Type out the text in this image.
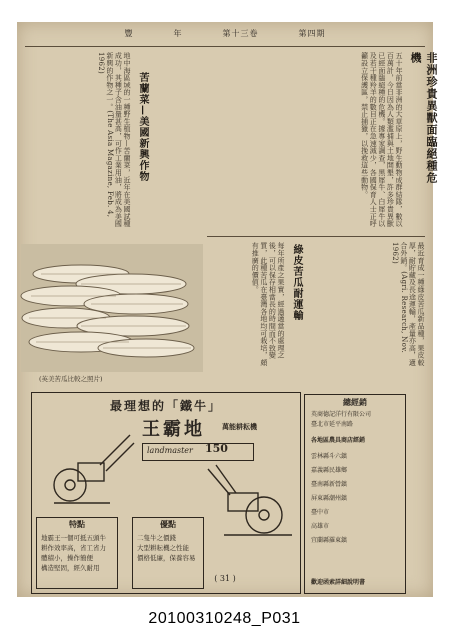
豐	年	第十三卷	第四期
非洲珍貴異獸面臨絕種危機
五十年前當非洲的大草原上，野生動物成群結隊，數以百萬計，今日因為人類濫捕與土地開墾，許多珍貴異獸已經面臨絕種的危機。據專家調查，黑犀牛、白犀牛以及若干種羚羊的數目正在急速減少，各國保育人士正呼籲設立保護區，禁止捕獵，以挽救這些動物。
苦蘭菜—美國新興作物
地中海區域的一種野生植物—苦蘭菜，近年在美國試種成功，其種子含油量甚高，可作工業用油，將成為美國新興的作物之一。(The Asia Magazine, Feb. 4, 1962)
綠皮苦瓜耐運輸	最近育成一種綠皮苦瓜新品種，果皮較厚，耐貯藏及長途運輸，產量亦高，適合外銷。(Agri. Research, Nov. 1962)
每年所產之果實，經過適當的處理之後，可以保存相當長的時間而不致變質，此種苦瓜在臺灣各地均可栽培，頗有推廣的價值。
(英美苦瓜比較之照片)
最理想的「鐵牛」
王霸地 萬能耕耘機
landmaster 150
特點
地霸王一個可抵五頭牛
耕作效率高，省工省力
體積小，操作簡便
構造堅固，經久耐用
優點
二隻牛之價錢
大型耕耘機之性能
價格低廉，保養容易
總經銷
英商德記洋行有限公司
臺北市延平南路
各地區農具商店經銷
雲林縣斗六鎮
嘉義縣民雄鄉
臺南縣新營鎮
屏東縣潮州鎮
臺中市
高雄市
宜蘭縣羅東鎮
歡迎函索詳細說明書
( 31 )
20100310248_P031
